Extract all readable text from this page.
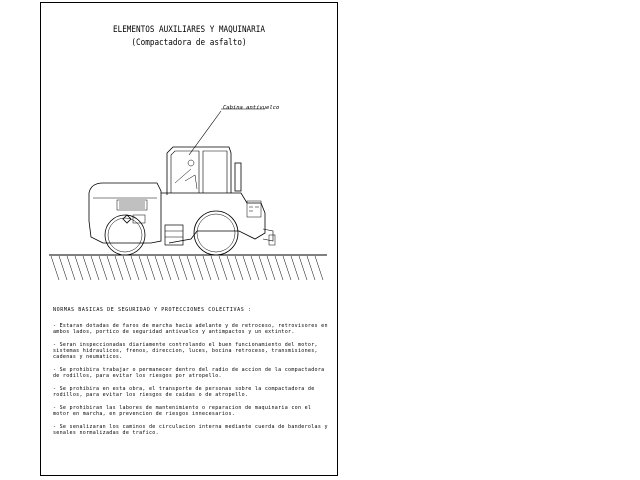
ELEMENTOS AUXILIARES Y MAQUINARIA
(Compactadora de asfalto)
Cabina antivuelco
NORMAS BASICAS DE SEGURIDAD Y PROTECCIONES COLECTIVAS :
- Estaran dotadas de faros de marcha hacia adelante y de retroceso, retrovisores en ambos lados, portico de seguridad antivuelco y antimpactos y un extintor.
- Seran inspeccionadas diariamente controlando el buen funcionamiento del motor, sistemas hidraulicos, frenos, direccion, luces, bocina retroceso, transmisiones, cadenas y neumaticos.
- Se prohibira trabajar o permanecer dentro del radio de accion de la compactadora de rodillos, para evitar los riesgos por atropello.
- Se prohibira en esta obra, el transporte de personas sobre la compactadora de rodillos, para evitar los riesgos de caidas o de atropello.
- Se prohibiran las labores de mantenimiento o reparacion de maquinaria con el motor en marcha, en prevencion de riesgos innecesarios.
- Se senalizaran los caminos de circulacion interna mediante cuerda de banderolas y senales normalizadas de trafico.
